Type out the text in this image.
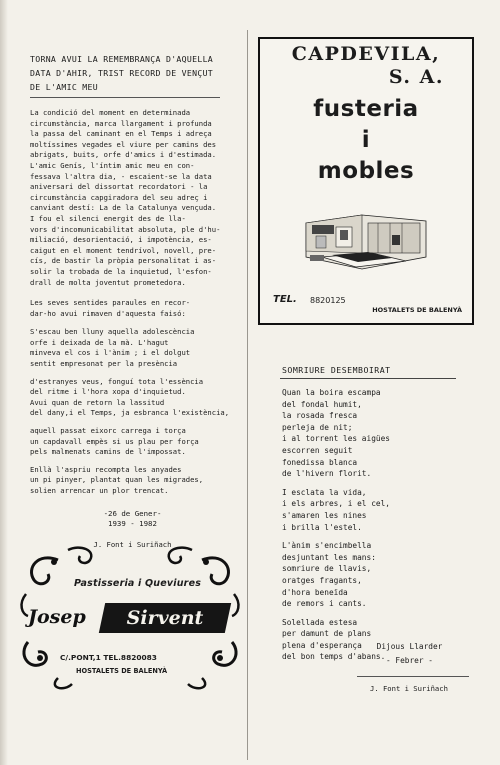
TORNA AVUI LA REMEMBRANÇA D'AQUELLA
DATA D'AHIR, TRIST RECORD DE VENÇUT
DE L'AMIC MEU

La condició del moment en determinada
circumstància, marca llargament i profunda
la passa del caminant en el Temps i adreça
moltíssimes vegades el viure per camins des
abrigats, buits, orfe d'amics i d'estimada.
L'amic Genís, l'íntim amic meu en con-
fessava l'altra dia, - escaient-se la data
aniversari del dissortat recordatori - la
circumstància capgiradora del seu adreç i
canviant destí: La de la Catalunya vençuda.
I fou el silenci energit des de lla-
vors d'incomunicabilitat absoluta, ple d'hu-
miliació, desorientació, i impotència, es-
caigut en el moment tendrívol, novell, pre-
cís, de bastir la pròpia personalitat i as-
solir la trobada de la inquietud, l'esfon-
drall de molta joventut prometedora.

Les seves sentides paraules en recor-
dar-ho avui rimaven d'aquesta faisó:

S'escau ben lluny aquella adolescència
orfe i deixada de la mà. L'hagut
minveva el cos i l'ànim ; i el dolgut
sentit empresonat per la presència

d'estranyes veus, fonguí tota l'essència
del ritme i l'hora xopa d'inquietud.
Avui quan de retorn la lassitud
del dany,i el Temps, ja esbranca l'existència,

aquell passat eixorc carrega i torça
un capdavall empès si us plau per força
pels malmenats camins de l'impossat.

Enllà l'aspriu recompta les anyades
un pi pinyer, plantat quan les migrades,
solien arrencar un plor trencat.

-26 de Gener-
1939 - 1982

J. Font i Suriñach

CAPDEVILA,
S. A.
fusteria
i
mobles
TEL. 8820125
HOSTALETS DE BALENYÀ

SOMRIURE DESEMBOIRAT

Quan la boira escampa
del fondal humit,
la rosada fresca
perleja de nit;
i al torrent les aigües
escorren seguit
fonedissa blanca
de l'hivern florit.

I esclata la vida,
i els arbres, i el cel,
s'amaren les nines
i brilla l'estel.

L'ànim s'encimbella
desjuntant les mans:
somriure de llavis,
oratges fragants,
d'hora beneïda
de remors i cants.

Solellada estesa
per damunt de plans
plena d'esperança
del bon temps d'abans.

Dijous Llarder
- Febrer -
J. Font i Suriñach
Pastisseria i Queviures
Josep	Sirvent
C/.PONT,1 TEL.8820083
HOSTALETS DE BALENYÀ
